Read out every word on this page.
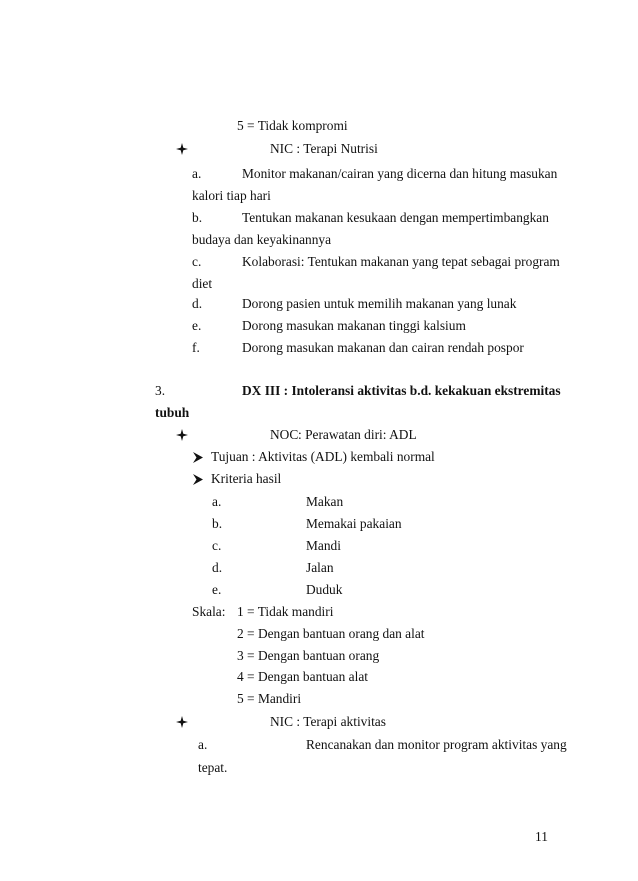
5 = Tidak kompromi
NIC : Terapi Nutrisi
a.	Monitor makanan/cairan yang dicerna dan hitung masukan
kalori tiap hari
b.	Tentukan makanan kesukaan dengan mempertimbangkan
budaya dan keyakinannya
c.	Kolaborasi: Tentukan makanan yang tepat sebagai program
diet
d.	Dorong pasien untuk memilih makanan yang lunak
e.	Dorong masukan makanan tinggi kalsium
f.	Dorong masukan makanan dan cairan rendah pospor
3.	DX III : Intoleransi aktivitas b.d. kekakuan ekstremitas
tubuh
NOC : Perawatan diri: ADL
Tujuan : Aktivitas (ADL) kembali normal
Kriteria hasil
a.	Makan
b.	Memakai pakaian
c.	Mandi
d.	Jalan
e.	Duduk
Skala: 1 = Tidak mandiri
2 = Dengan bantuan orang dan alat
3 = Dengan bantuan orang
4 = Dengan bantuan alat
5 = Mandiri
NIC : Terapi aktivitas
a.	Rencanakan dan monitor program aktivitas yang
tepat.
11
